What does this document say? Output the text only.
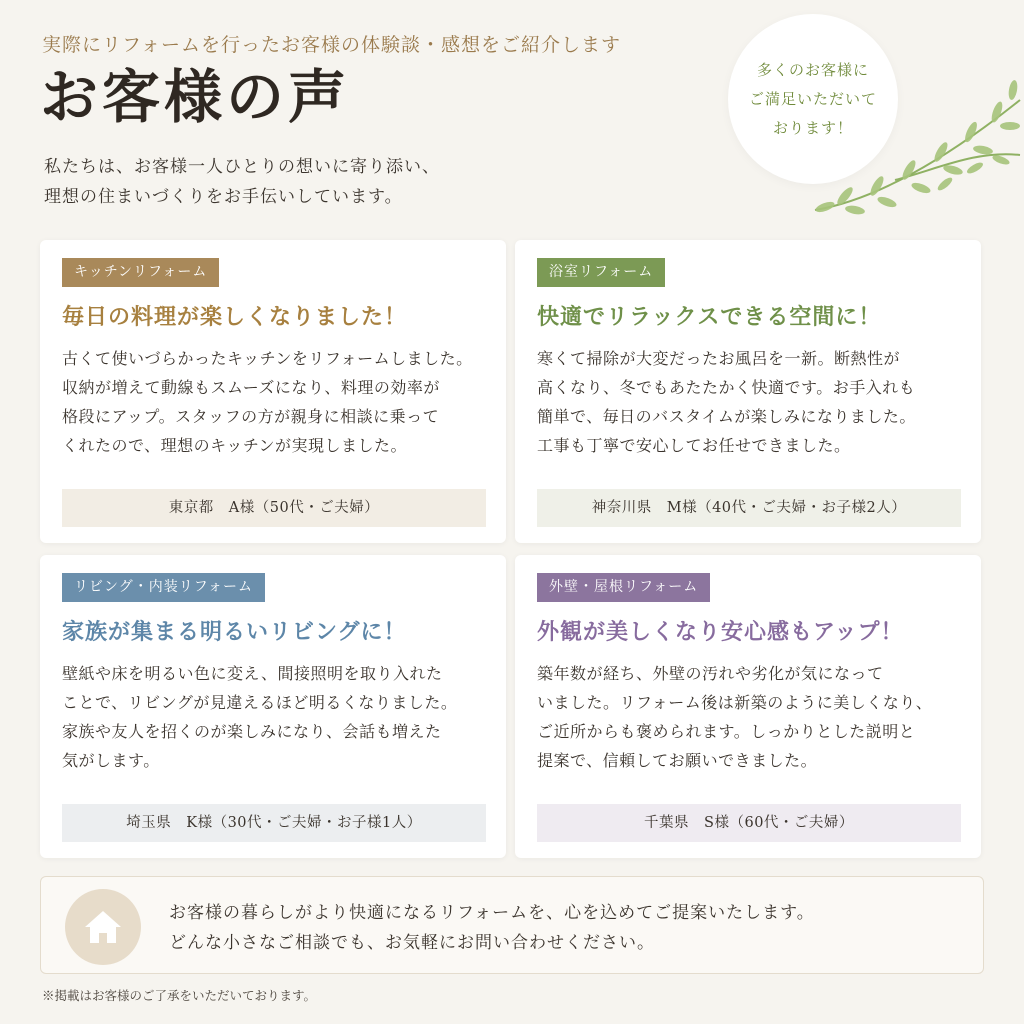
実際にリフォームを行ったお客様の体験談・感想をご紹介します
お客様の声
私たちは、お客様一人ひとりの想いに寄り添い、
理想の住まいづくりをお手伝いしています。
多くのお客様に
ご満足いただいて
おります！
キッチンリフォーム
毎日の料理が楽しくなりました！
古くて使いづらかったキッチンをリフォームしました。
収納が増えて動線もスムーズになり、料理の効率が
格段にアップ。スタッフの方が親身に相談に乗って
くれたので、理想のキッチンが実現しました。
東京都　A様（50代・ご夫婦）
浴室リフォーム
快適でリラックスできる空間に！
寒くて掃除が大変だったお風呂を一新。断熱性が
高くなり、冬でもあたたかく快適です。お手入れも
簡単で、毎日のバスタイムが楽しみになりました。
工事も丁寧で安心してお任せできました。
神奈川県　M様（40代・ご夫婦・お子様2人）
リビング・内装リフォーム
家族が集まる明るいリビングに！
壁紙や床を明るい色に変え、間接照明を取り入れた
ことで、リビングが見違えるほど明るくなりました。
家族や友人を招くのが楽しみになり、会話も増えた
気がします。
埼玉県　K様（30代・ご夫婦・お子様1人）
外壁・屋根リフォーム
外観が美しくなり安心感もアップ！
築年数が経ち、外壁の汚れや劣化が気になって
いました。リフォーム後は新築のように美しくなり、
ご近所からも褒められます。しっかりとした説明と
提案で、信頼してお願いできました。
千葉県　S様（60代・ご夫婦）
お客様の暮らしがより快適になるリフォームを、心を込めてご提案いたします。
どんな小さなご相談でも、お気軽にお問い合わせください。
※掲載はお客様のご了承をいただいております。
